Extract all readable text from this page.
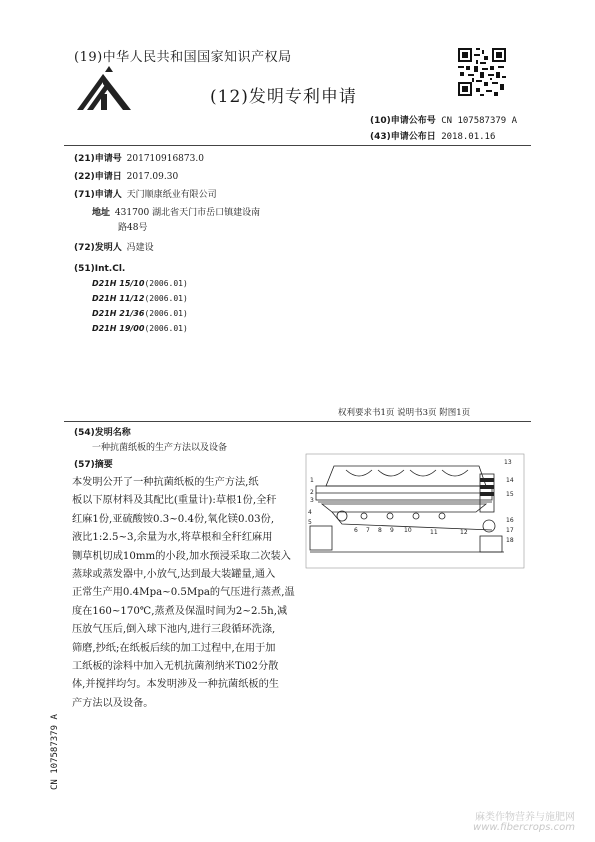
(19)中华人民共和国国家知识产权局
(12)发明专利申请
(10)申请公布号 CN 107587379 A
(43)申请公布日 2018.01.16
(21)申请号 201710916873.0
(22)申请日 2017.09.30
(71)申请人 天门顺康纸业有限公司
地址 431700 湖北省天门市岳口镇建设南
路48号
(72)发明人 冯建设
(51)Int.Cl.
D21H 15/10(2006.01)
D21H 11/12(2006.01)
D21H 21/36(2006.01)
D21H 19/00(2006.01)
权利要求书1页 说明书3页 附图1页
(54)发明名称
一种抗菌纸板的生产方法以及设备
(57)摘要
本发明公开了一种抗菌纸板的生产方法,纸
板以下原材料及其配比(重量计):草根1份,全秆
红麻1份,亚硫酸铵0.3~0.4份,氧化镁0.03份,
液比1:2.5~3,余量为水,将草根和全秆红麻用
铡草机切成10mm的小段,加水预浸采取二次装入
蒸球或蒸发器中,小放气,达到最大装罐量,通入
正常生产用0.4Mpa~0.5Mpa的气压进行蒸煮,温
度在160~170℃,蒸煮及保温时间为2~2.5h,减
压放气压后,倒入球下池内,进行三段循环洗涤,
筛磨,抄纸;在纸板后续的加工过程中,在用于加
工纸板的涂料中加入无机抗菌剂纳米Ti02分散
体,并搅拌均匀。本发明涉及一种抗菌纸板的生
产方法以及设备。
1
2
3
4
5
6 7 8 9 10	11	12
13
14
15
16
17
18
CN 107587379 A
麻类作物营养与施肥网
www.fibercrops.com
